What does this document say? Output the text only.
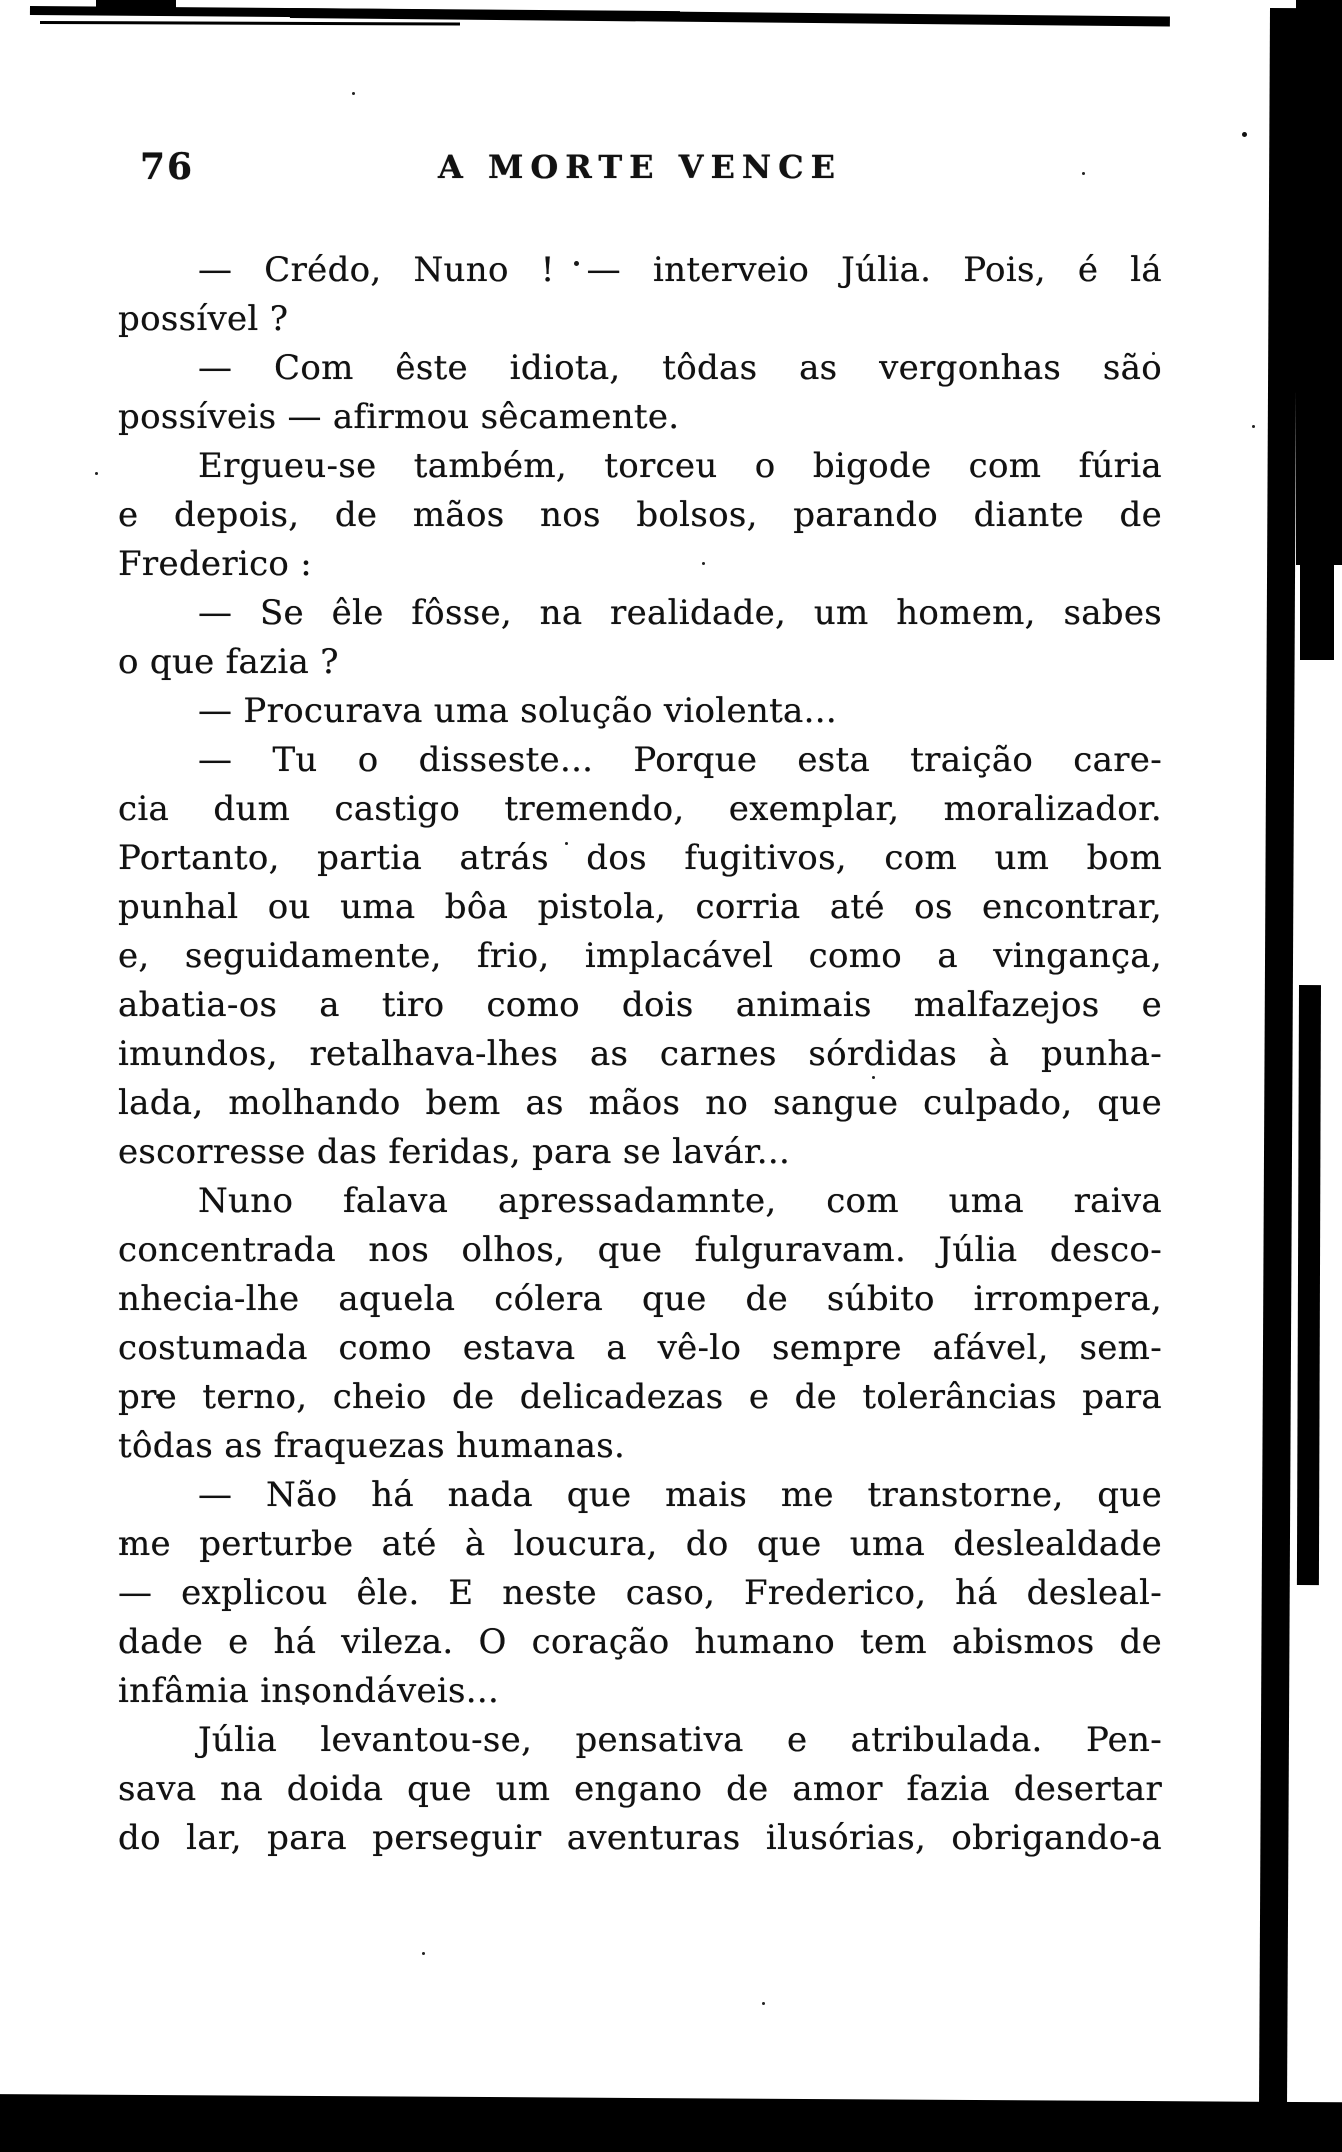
76	A MORTE VENCE
— Crédo, Nuno ! — interveio Júlia. Pois, é lá
possível ?
— Com êste idiota, tôdas as vergonhas são
possíveis — afirmou sêcamente.
Ergueu-se também, torceu o bigode com fúria
e depois, de mãos nos bolsos, parando diante de
Frederico :
— Se êle fôsse, na realidade, um homem, sabes
o que fazia ?
— Procurava uma solução violenta...
— Tu o disseste... Porque esta traição care-
cia dum castigo tremendo, exemplar, moralizador.
Portanto, partia atrás dos fugitivos, com um bom
punhal ou uma bôa pistola, corria até os encontrar,
e, seguidamente, frio, implacável como a vingança,
abatia-os a tiro como dois animais malfazejos e
imundos, retalhava-lhes as carnes sórdidas à punha-
lada, molhando bem as mãos no sangue culpado, que
escorresse das feridas, para se lavár...
Nuno falava apressadamnte, com uma raiva
concentrada nos olhos, que fulguravam. Júlia desco-
nhecia-lhe aquela cólera que de súbito irrompera,
costumada como estava a vê-lo sempre afável, sem-
pre terno, cheio de delicadezas e de tolerâncias para
tôdas as fraquezas humanas.
— Não há nada que mais me transtorne, que
me perturbe até à loucura, do que uma deslealdade
— explicou êle. E neste caso, Frederico, há desleal-
dade e há vileza. O coração humano tem abismos de
infâmia insondáveis...
Júlia levantou-se, pensativa e atribulada. Pen-
sava na doida que um engano de amor fazia desertar
do lar, para perseguir aventuras ilusórias, obrigando-a
